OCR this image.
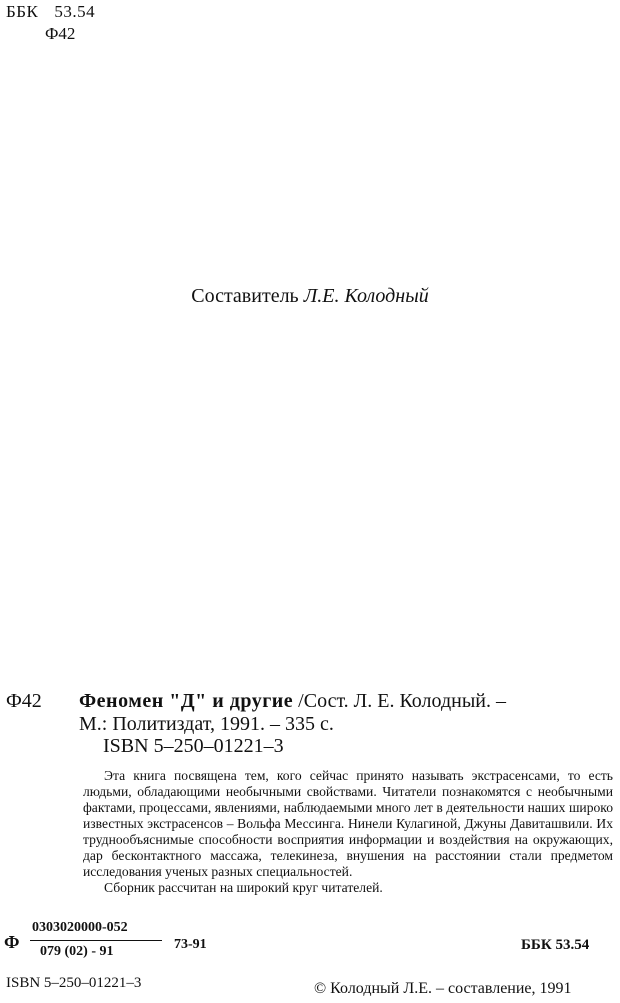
ББК 53.54
Ф42
Составитель Л.Е. Колодный
Ф42 Феномен "Д" и другие /Сост. Л. Е. Колодный. –
М.: Политиздат, 1991. – 335 с.
ISBN 5–250–01221–3

Эта книга посвящена тем, кого сейчас принято называть экстрасенсами, то есть людьми, обладающими необычными свойствами. Читатели познакомятся с необычными фактами, процессами, явлениями, наблюдаемыми много лет в деятельности наших широко известных экстрасенсов – Вольфа Мессинга. Нинели Кулагиной, Джуны Давиташвили. Их труднообъяснимые способности восприятия информации и воздействия на окружающих, дар бесконтактного массажа, телекинеза, внушения на расстоянии стали предметом исследования ученых разных специальностей.

Сборник рассчитан на широкий круг читателей.

Ф
0303020000-052
079 (02) - 91	73-91	ББК 53.54
ISBN 5–250–01221–3	© Колодный Л.Е. – составление, 1991
